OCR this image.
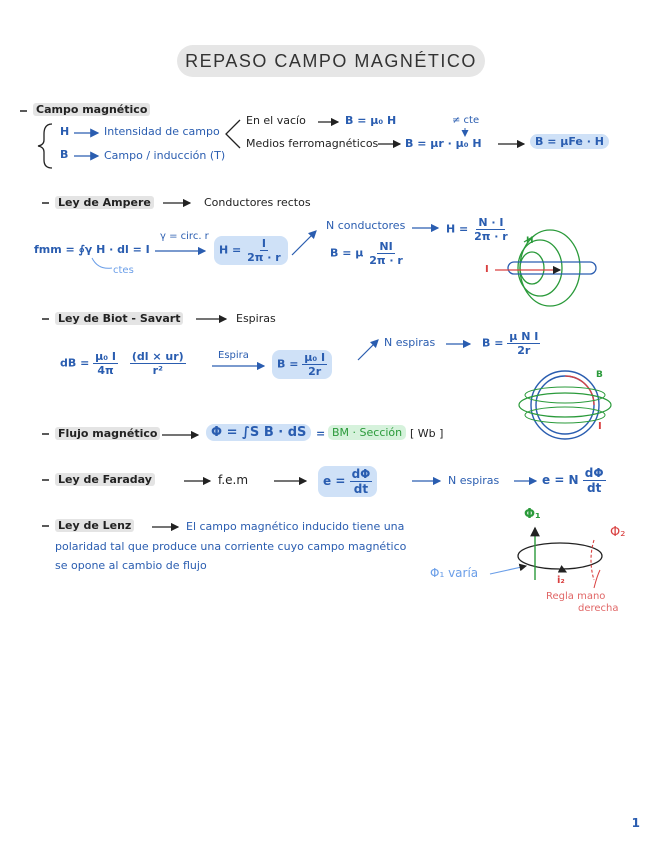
REPASO CAMPO MAGNÉTICO
Campo magnético
H	Intensidad de campo
B	Campo / inducción (T)
En el vacío	B = μ₀ H
Medios ferromagnéticos B = μr · μ₀ H
≠ cte
B = μFe · H
Ley de Ampere	Conductores rectos
fmm = ∮γ H · dl = I
ctes
γ = circ. r
$H = \frac{I}{2\pi \cdot r}$
N conductores	$H = \frac{N \cdot I}{2\pi \cdot r}$
B = μ $\frac{NI}{2\pi \cdot r}$	H
I
Ley de Biot - Savart	Espiras
dB = $\frac{\text{μ₀ I}}{4\pi}$
$\frac{(dl \times ur)}{\text{r²}}$	Espira
$B = \frac{\text{μ₀ I}}{2r}$
N espiras	$B = \frac{\text{μ N I}}{2r}$
B
I
Flujo magnético	Φ = ∫S B · dS = BM · Sección [ Wb ]
Ley de Faraday	f.e.m	$e = \frac{d\Phi}{dt}$	N espiras	e = N $\frac{d\Phi}{dt}$
Ley de Lenz	El campo magnético inducido tiene una
polaridad tal que produce una corriente cuyo campo magnético
se opone al cambio de flujo
Φ₁
Φ₂
i₂
Φ₁ varía
Regla mano
derecha
1
